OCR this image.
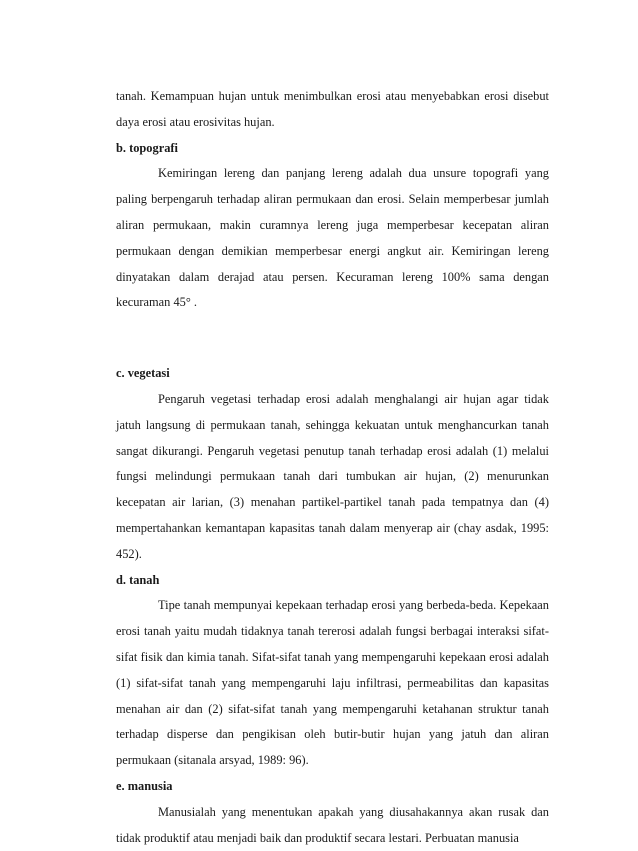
tanah. Kemampuan hujan untuk menimbulkan erosi atau menyebabkan erosi disebut daya erosi atau erosivitas hujan.

b. topografi

Kemiringan lereng dan panjang lereng adalah dua unsure topografi yang paling berpengaruh terhadap aliran permukaan dan erosi. Selain memperbesar jumlah aliran permukaan, makin curamnya lereng juga memperbesar kecepatan aliran permukaan dengan demikian memperbesar energi angkut air. Kemiringan lereng dinyatakan dalam derajad atau persen. Kecuraman lereng 100% sama dengan kecuraman 45° .

c. vegetasi

Pengaruh vegetasi terhadap erosi adalah menghalangi air hujan agar tidak jatuh langsung di permukaan tanah, sehingga kekuatan untuk menghancurkan tanah sangat dikurangi. Pengaruh vegetasi penutup tanah terhadap erosi adalah (1) melalui fungsi melindungi permukaan tanah dari tumbukan air hujan, (2) menurunkan kecepatan air larian, (3) menahan partikel-partikel tanah pada tempatnya dan (4) mempertahankan kemantapan kapasitas tanah dalam menyerap air (chay asdak, 1995: 452).

d. tanah

Tipe tanah mempunyai kepekaan terhadap erosi yang berbeda-beda. Kepekaan erosi tanah yaitu mudah tidaknya tanah tererosi adalah fungsi berbagai interaksi sifat-sifat fisik dan kimia tanah. Sifat-sifat tanah yang mempengaruhi kepekaan erosi adalah (1) sifat-sifat tanah yang mempengaruhi laju infiltrasi, permeabilitas dan kapasitas menahan air dan (2) sifat-sifat tanah yang mempengaruhi ketahanan struktur tanah terhadap disperse dan pengikisan oleh butir-butir hujan yang jatuh dan aliran permukaan (sitanala arsyad, 1989: 96).

e. manusia

Manusialah yang menentukan apakah yang diusahakannya akan rusak dan tidak produktif atau menjadi baik dan produktif secara lestari. Perbuatan manusia
